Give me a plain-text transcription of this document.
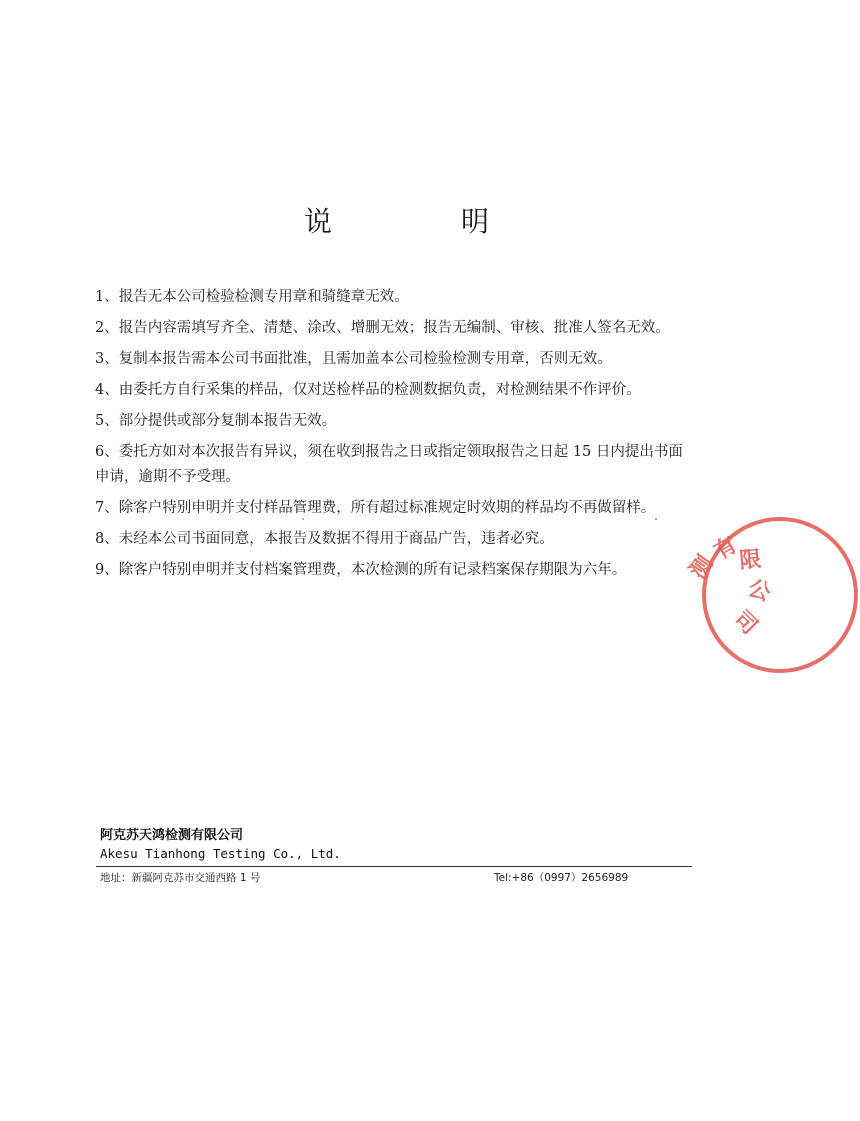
说 明
1、报告无本公司检验检测专用章和骑缝章无效。
2、报告内容需填写齐全、清楚、涂改、增删无效；报告无编制、审核、批准人签名无效。
3、复制本报告需本公司书面批准，且需加盖本公司检验检测专用章，否则无效。
4、由委托方自行采集的样品，仅对送检样品的检测数据负责，对检测结果不作评价。
5、部分提供或部分复制本报告无效。
6、委托方如对本次报告有异议，须在收到报告之日或指定领取报告之日起 15 日内提出书面申请，逾期不予受理。
7、除客户特别申明并支付样品管理费，所有超过标准规定时效期的样品均不再做留样。
8、未经本公司书面同意，本报告及数据不得用于商品广告，违者必究。
9、除客户特别申明并支付档案管理费，本次检测的所有记录档案保存期限为六年。	测
有
限
公
司
阿克苏天鸿检测有限公司
Akesu Tianhong Testing Co., Ltd.
地址：新疆阿克苏市交通西路 1 号	Tel:+86（0997）2656989
